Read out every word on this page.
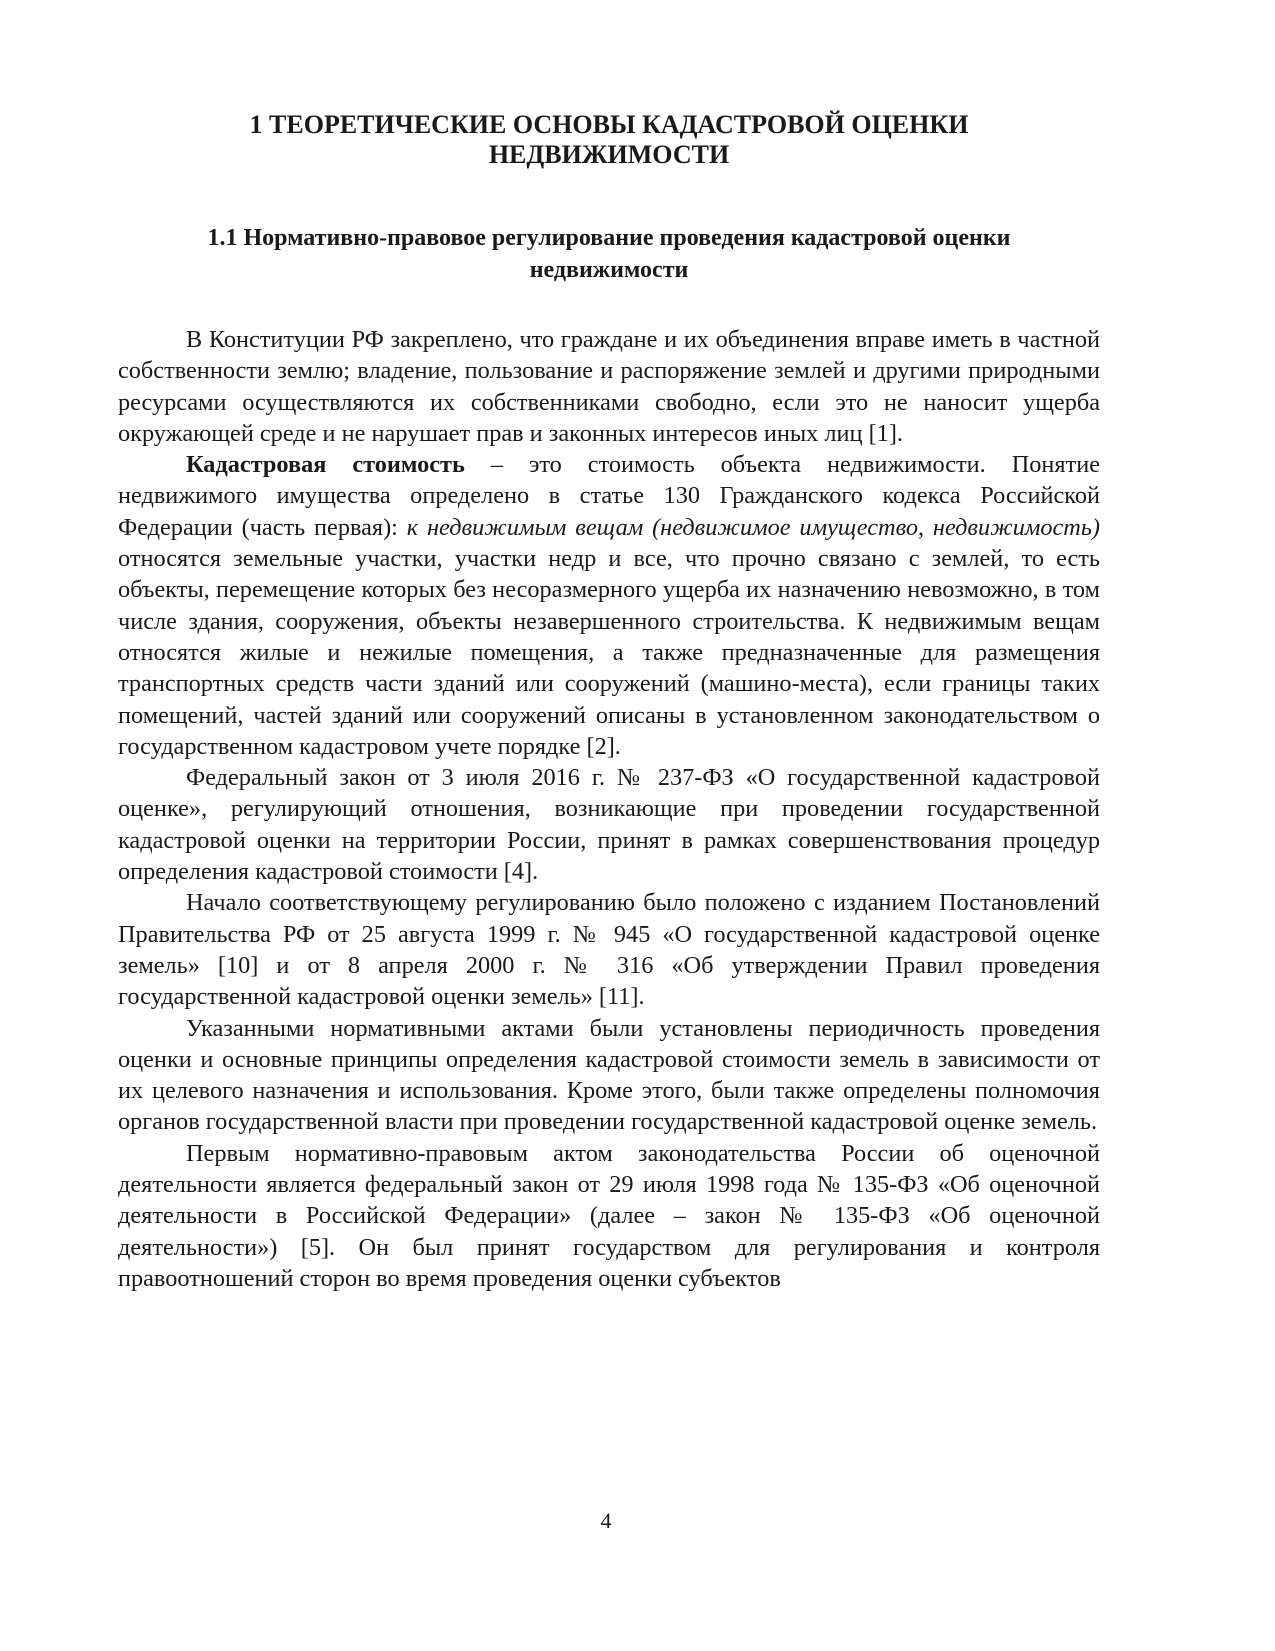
1 ТЕОРЕТИЧЕСКИЕ ОСНОВЫ КАДАСТРОВОЙ ОЦЕНКИ
НЕДВИЖИМОСТИ
1.1 Нормативно-правовое регулирование проведения кадастровой оценки
недвижимости

В Конституции РФ закреплено, что граждане и их объединения вправе иметь в частной собственности землю; владение, пользование и распоряжение землей и другими природными ресурсами осуществляются их собственниками свободно, если это не наносит ущерба окружающей среде и не нарушает прав и законных интересов иных лиц [1].

Кадастровая стоимость – это стоимость объекта недвижимости. Понятие недвижимого имущества определено в статье 130 Гражданского кодекса Российской Федерации (часть первая): к недвижимым вещам (недвижимое имущество, недвижимость) относятся земельные участки, участки недр и все, что прочно связано с землей, то есть объекты, перемещение которых без несоразмерного ущерба их назначению невозможно, в том числе здания, сооружения, объекты незавершенного строительства. К недвижимым вещам относятся жилые и нежилые помещения, а также предназначенные для размещения транспортных средств части зданий или сооружений (машино-места), если границы таких помещений, частей зданий или сооружений описаны в установленном законодательством о государственном кадастровом учете порядке [2].

Федеральный закон от 3 июля 2016 г. № 237-ФЗ «О государственной кадастровой оценке», регулирующий отношения, возникающие при проведении государственной кадастровой оценки на территории России, принят в рамках совершенствования процедур определения кадастровой стоимости [4].

Начало соответствующему регулированию было положено с изданием Постановлений Правительства РФ от 25 августа 1999 г. № 945 «О государственной кадастровой оценке земель» [10] и от 8 апреля 2000 г. № 316 «Об утверждении Правил проведения государственной кадастровой оценки земель» [11].

Указанными нормативными актами были установлены периодичность проведения оценки и основные принципы определения кадастровой стоимости земель в зависимости от их целевого назначения и использования. Кроме этого, были также определены полномочия органов государственной власти при проведении государственной кадастровой оценке земель.

Первым нормативно-правовым актом законодательства России об оценочной деятельности является федеральный закон от 29 июля 1998 года № 135-ФЗ «Об оценочной деятельности в Российской Федерации» (далее – закон № 135-ФЗ «Об оценочной деятельности») [5]. Он был принят государством для регулирования и контроля правоотношений сторон во время проведения оценки субъектов

4
